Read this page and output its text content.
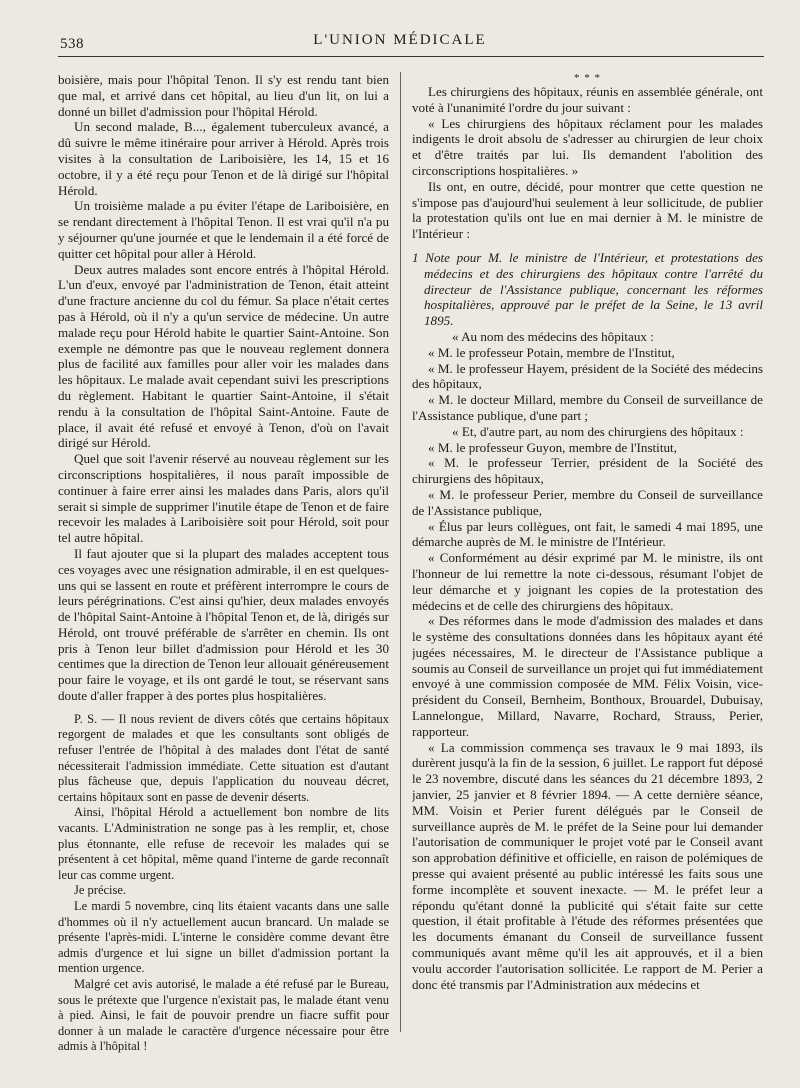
538	L'UNION MÉDICALE

boisière, mais pour l'hôpital Tenon. Il s'y est rendu tant bien que mal, et arrivé dans cet hôpital, au lieu d'un lit, on lui a donné un billet d'admission pour l'hôpital Hérold.

Un second malade, B..., également tuberculeux avancé, a dû suivre le même itinéraire pour arriver à Hérold. Après trois visites à la consultation de Lariboisière, les 14, 15 et 16 octobre, il y a été reçu pour Tenon et de là dirigé sur l'hôpital Hérold.

Un troisième malade a pu éviter l'étape de Lariboisière, en se rendant directement à l'hôpital Tenon. Il est vrai qu'il n'a pu y séjourner qu'une journée et que le lendemain il a été forcé de quitter cet hôpital pour aller à Hérold.

Deux autres malades sont encore entrés à l'hôpital Hérold. L'un d'eux, envoyé par l'administration de Tenon, était atteint d'une fracture ancienne du col du fémur. Sa place n'était certes pas à Hérold, où il n'y a qu'un service de médecine. Un autre malade reçu pour Hérold habite le quartier Saint-Antoine. Son exemple ne démontre pas que le nouveau reglement donnera plus de facilité aux familles pour aller voir les malades dans les hôpitaux. Le malade avait cependant suivi les prescriptions du règlement. Habitant le quartier Saint-Antoine, il s'était rendu à la consultation de l'hôpital Saint-Antoine. Faute de place, il avait été refusé et envoyé à Tenon, d'où on l'avait dirigé sur Hérold.

Quel que soit l'avenir réservé au nouveau règlement sur les circonscriptions hospitalières, il nous paraît impossible de continuer à faire errer ainsi les malades dans Paris, alors qu'il serait si simple de supprimer l'inutile étape de Tenon et de faire recevoir les malades à Lariboisière soit pour Hérold, soit pour tel autre hôpital.

Il faut ajouter que si la plupart des malades acceptent tous ces voyages avec une résignation admirable, il en est quelques-uns qui se lassent en route et préfèrent interrompre le cours de leurs pérégrinations. C'est ainsi qu'hier, deux malades envoyés de l'hôpital Saint-Antoine à l'hôpital Tenon et, de là, dirigés sur Hérold, ont trouvé préférable de s'arrêter en chemin. Ils ont pris à Tenon leur billet d'admission pour Hérold et les 30 centimes que la direction de Tenon leur allouait généreusement pour faire le voyage, et ils ont gardé le tout, se réservant sans doute d'aller frapper à des portes plus hospitalières.

P. S. — Il nous revient de divers côtés que certains hôpitaux regorgent de malades et que les consultants sont obligés de refuser l'entrée de l'hôpital à des malades dont l'état de santé nécessiterait l'admission immédiate. Cette situation est d'autant plus fâcheuse que, depuis l'application du nouveau décret, certains hôpitaux sont en passe de devenir déserts.

Ainsi, l'hôpital Hérold a actuellement bon nombre de lits vacants. L'Administration ne songe pas à les remplir, et, chose plus étonnante, elle refuse de recevoir les malades qui se présentent à cet hôpital, même quand l'interne de garde reconnaît leur cas comme urgent.

Je précise.

Le mardi 5 novembre, cinq lits étaient vacants dans une salle d'hommes où il n'y actuellement aucun brancard. Un malade se présente l'après-midi. L'interne le considère comme devant être admis d'urgence et lui signe un billet d'admission portant la mention urgence.

Malgré cet avis autorisé, le malade a été refusé par le Bureau, sous le prétexte que l'urgence n'existait pas, le malade étant venu à pied. Ainsi, le fait de pouvoir prendre un fiacre suffit pour donner à un malade le caractère d'urgence nécessaire pour être admis à l'hôpital !

* * *

Les chirurgiens des hôpitaux, réunis en assemblée générale, ont voté à l'unanimité l'ordre du jour suivant :

« Les chirurgiens des hôpitaux réclament pour les malades indigents le droit absolu de s'adresser au chirurgien de leur choix et d'être traités par lui. Ils demandent l'abolition des circonscriptions hospitalières. »

Ils ont, en outre, décidé, pour montrer que cette question ne s'impose pas d'aujourd'hui seulement à leur sollicitude, de publier la protestation qu'ils ont lue en mai dernier à M. le ministre de l'Intérieur :

1 Note pour M. le ministre de l'Intérieur, et protestations des médecins et des chirurgiens des hôpitaux contre l'arrêté du directeur de l'Assistance publique, concernant les réformes hospitalières, approuvé par le préfet de la Seine, le 13 avril 1895.

« Au nom des médecins des hôpitaux :

« M. le professeur Potain, membre de l'Institut,

« M. le professeur Hayem, président de la Société des médecins des hôpitaux,

« M. le docteur Millard, membre du Conseil de surveillance de l'Assistance publique, d'une part ;

« Et, d'autre part, au nom des chirurgiens des hôpitaux :

« M. le professeur Guyon, membre de l'Institut,

« M. le professeur Terrier, président de la Société des chirurgiens des hôpitaux,

« M. le professeur Perier, membre du Conseil de surveillance de l'Assistance publique,

« Élus par leurs collègues, ont fait, le samedi 4 mai 1895, une démarche auprès de M. le ministre de l'Intérieur.

« Conformément au désir exprimé par M. le ministre, ils ont l'honneur de lui remettre la note ci-dessous, résumant l'objet de leur démarche et y joignant les copies de la protestation des médecins et de celle des chirurgiens des hôpitaux.

« Des réformes dans le mode d'admission des malades et dans le système des consultations données dans les hôpitaux ayant été jugées nécessaires, M. le directeur de l'Assistance publique a soumis au Conseil de surveillance un projet qui fut immédiatement envoyé à une commission composée de MM. Félix Voisin, vice-président du Conseil, Bernheim, Bonthoux, Brouardel, Dubuisay, Lannelongue, Millard, Navarre, Rochard, Strauss, Perier, rapporteur.

« La commission commença ses travaux le 9 mai 1893, ils durèrent jusqu'à la fin de la session, 6 juillet. Le rapport fut déposé le 23 novembre, discuté dans les séances du 21 décembre 1893, 2 janvier, 25 janvier et 8 février 1894. — A cette dernière séance, MM. Voisin et Perier furent délégués par le Conseil de surveillance auprès de M. le préfet de la Seine pour lui demander l'autorisation de communiquer le projet voté par le Conseil avant son approbation définitive et officielle, en raison de polémiques de presse qui avaient présenté au public intéressé les faits sous une forme incomplète et souvent inexacte. — M. le préfet leur a répondu qu'étant donné la publicité qui s'était faite sur cette question, il était profitable à l'étude des réformes présentées que les documents émanant du Conseil de surveillance fussent communiqués avant même qu'il les ait approuvés, et il a bien voulu accorder l'autorisation sollicitée. Le rapport de M. Perier a donc été transmis par l'Administration aux médecins et
